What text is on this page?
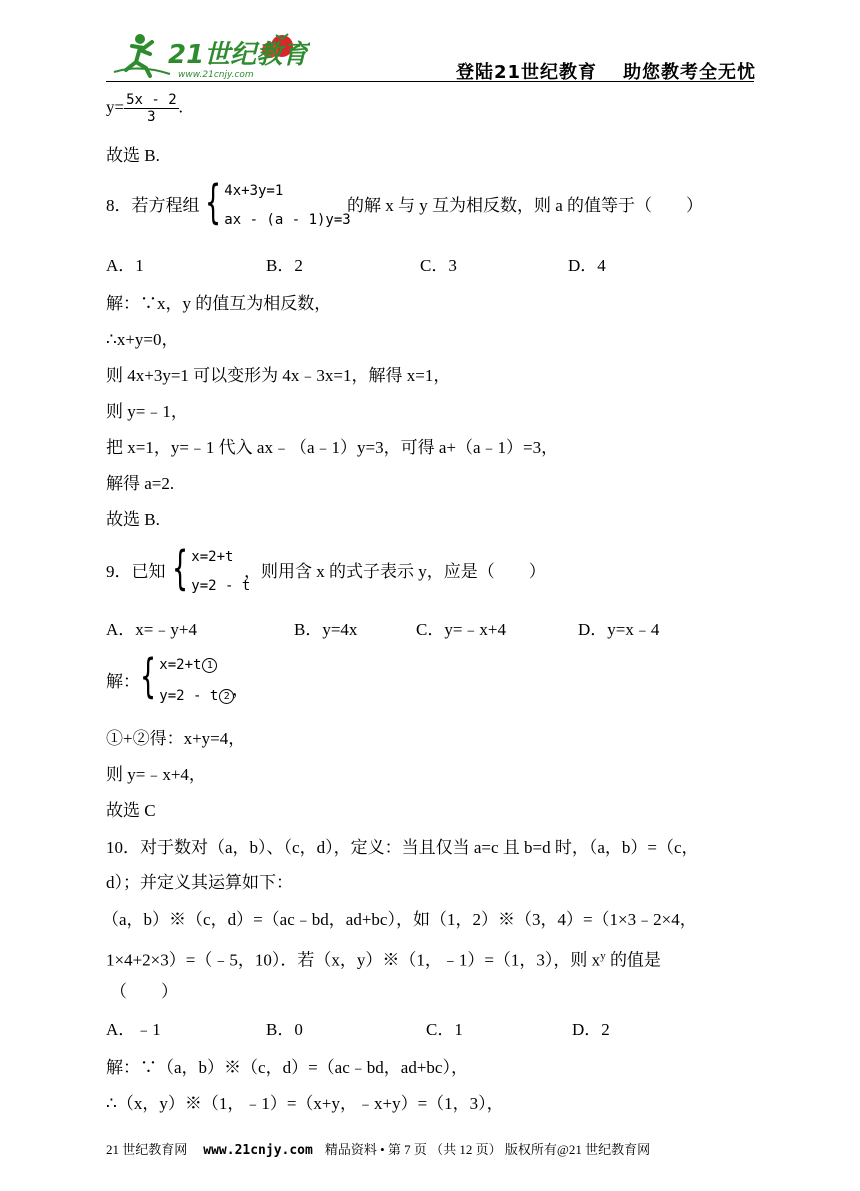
21世纪教育
www.21cnjy.com	登陆21世纪教育 助您教考全无忧
$y= \frac{5x - 2}{3}$ .
故选 B.
8．若方程组 { 4x+3y=1
ax - (a - 1)y=3
的解 x 与 y 互为相反数，则 a 的值等于（　　）
A．1	B．2	C．3	D．4
解：∵x，y 的值互为相反数，
∴x+y=0，
则 4x+3y=1 可以变形为 4x﹣3x=1，解得 x=1，
则 y=﹣1，
把 x=1，y=﹣1 代入 ax﹣（a﹣1）y=3，可得 a+（a﹣1）=3，
解得 a=2.
故选 B.
9．已知 { x=2+t
y=2 - t
，则用含 x 的式子表示 y，应是（　　）
A．x=﹣y+4	B．y=4x	C．y=﹣x+4	D．y=x﹣4
解： { x=2+t 1
y=2 - t 2 ，
①+②得：x+y=4，
则 y=﹣x+4，
故选 C
10．对于数对（a，b）、（c，d），定义：当且仅当 a=c 且 b=d 时，（a，b）=（c，
d）；并定义其运算如下：
（a，b）※（c，d）=（ac﹣bd，ad+bc），如（1，2）※（3，4）=（1×3﹣2×4，
1×4+2×3）=（﹣5，10）．若（x，y）※（1，﹣1）=（1，3），则 $x^y$ 的值是
（　　）
A．﹣1	B．0	C．1	D．2
解：∵（a，b）※（c，d）=（ac﹣bd，ad+bc），
∴（x，y）※（1，﹣1）=（x+y，﹣x+y）=（1，3），
21 世纪教育网 www.21cnjy.com 精品资料 • 第 7 页 （共 12 页） 版权所有@21 世纪教育网
